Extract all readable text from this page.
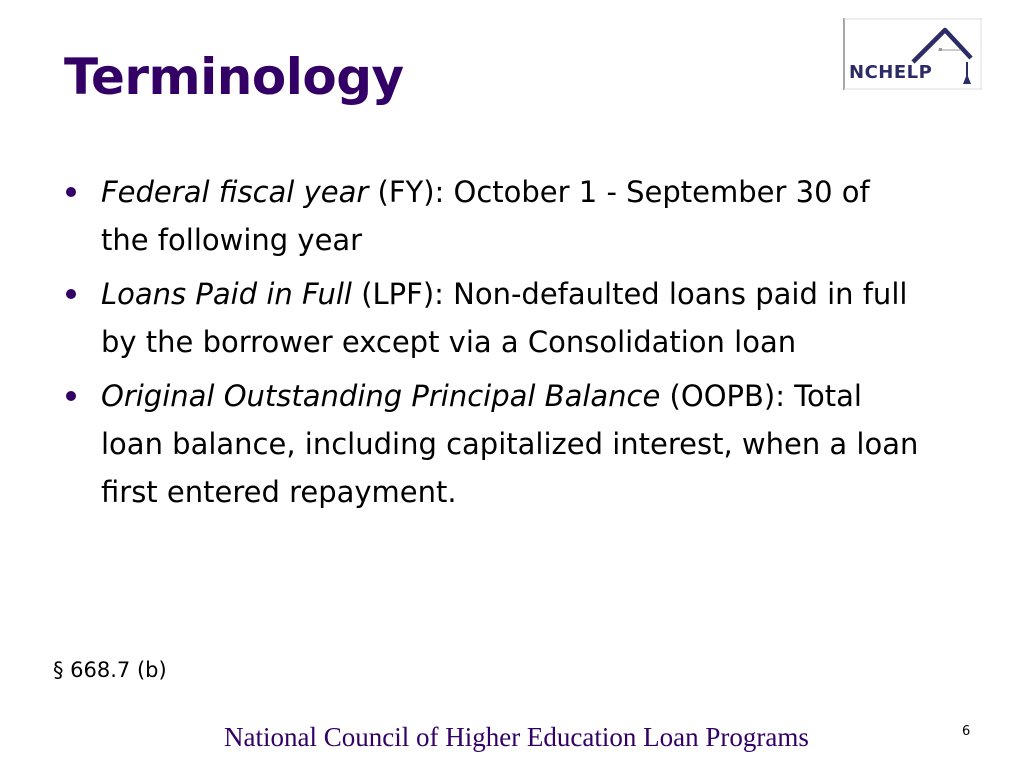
Terminology	NCHELP
Federal fiscal year (FY): October 1 - September 30 of the following year
Loans Paid in Full (LPF): Non-defaulted loans paid in full by the borrower except via a Consolidation loan
Original Outstanding Principal Balance (OOPB): Total loan balance, including capitalized interest, when a loan first entered repayment.
§ 668.7 (b)
National Council of Higher Education Loan Programs	6
